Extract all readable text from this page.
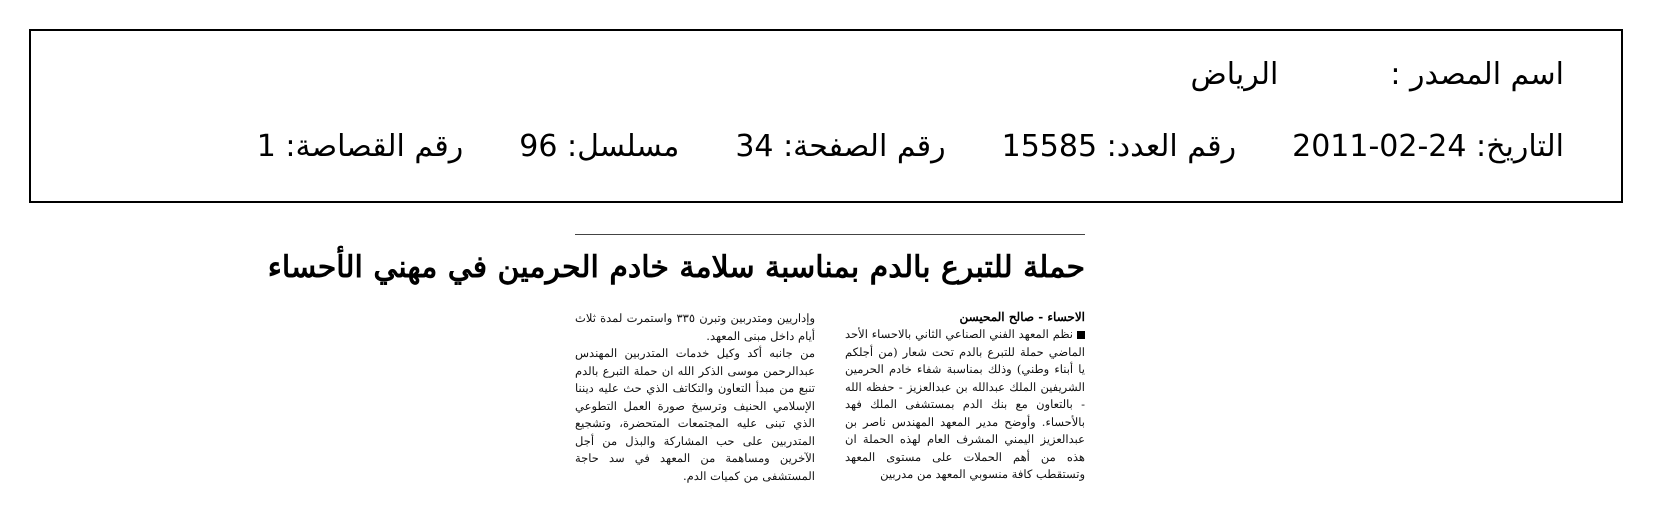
اسم المصدر :الرياض
التاريخ: 2011-02-24رقم العدد: 15585رقم الصفحة: 34مسلسل: 96رقم القصاصة: 1
حملة للتبرع بالدم بمناسبة سلامة خادم الحرمين في مهني الأحساء
الاحساء - صالح المحيسن

نظم المعهد الفني الصناعي الثاني بالاحساء الأحد الماضي حملة للتبرع بالدم تحت شعار (من أجلكم يا أبناء وطني) وذلك بمناسبة شفاء خادم الحرمين الشريفين الملك عبدالله بن عبدالعزيز - حفظه الله - بالتعاون مع بنك الدم بمستشفى الملك فهد بالأحساء. وأوضح مدير المعهد المهندس ناصر بن عبدالعزيز اليمني المشرف العام لهذه الحملة ان هذه من أهم الحملات على مستوى المعهد وتستقطب كافة منسوبي المعهد من مدربين

وإداريين ومتدربين وتبرن ٣٣٥ واستمرت لمدة ثلاث أيام داخل مبنى المعهد.

من جانبه أكد وكيل خدمات المتدربين المهندس عبدالرحمن موسى الذكر الله ان حملة التبرع بالدم تنبع من مبدأ التعاون والتكاتف الذي حث عليه ديننا الإسلامي الحنيف وترسيخ صورة العمل التطوعي الذي تبنى عليه المجتمعات المتحضرة، وتشجيع المتدربين على حب المشاركة والبذل من أجل الآخرين ومساهمة من المعهد في سد حاجة المستشفى من كميات الدم.
